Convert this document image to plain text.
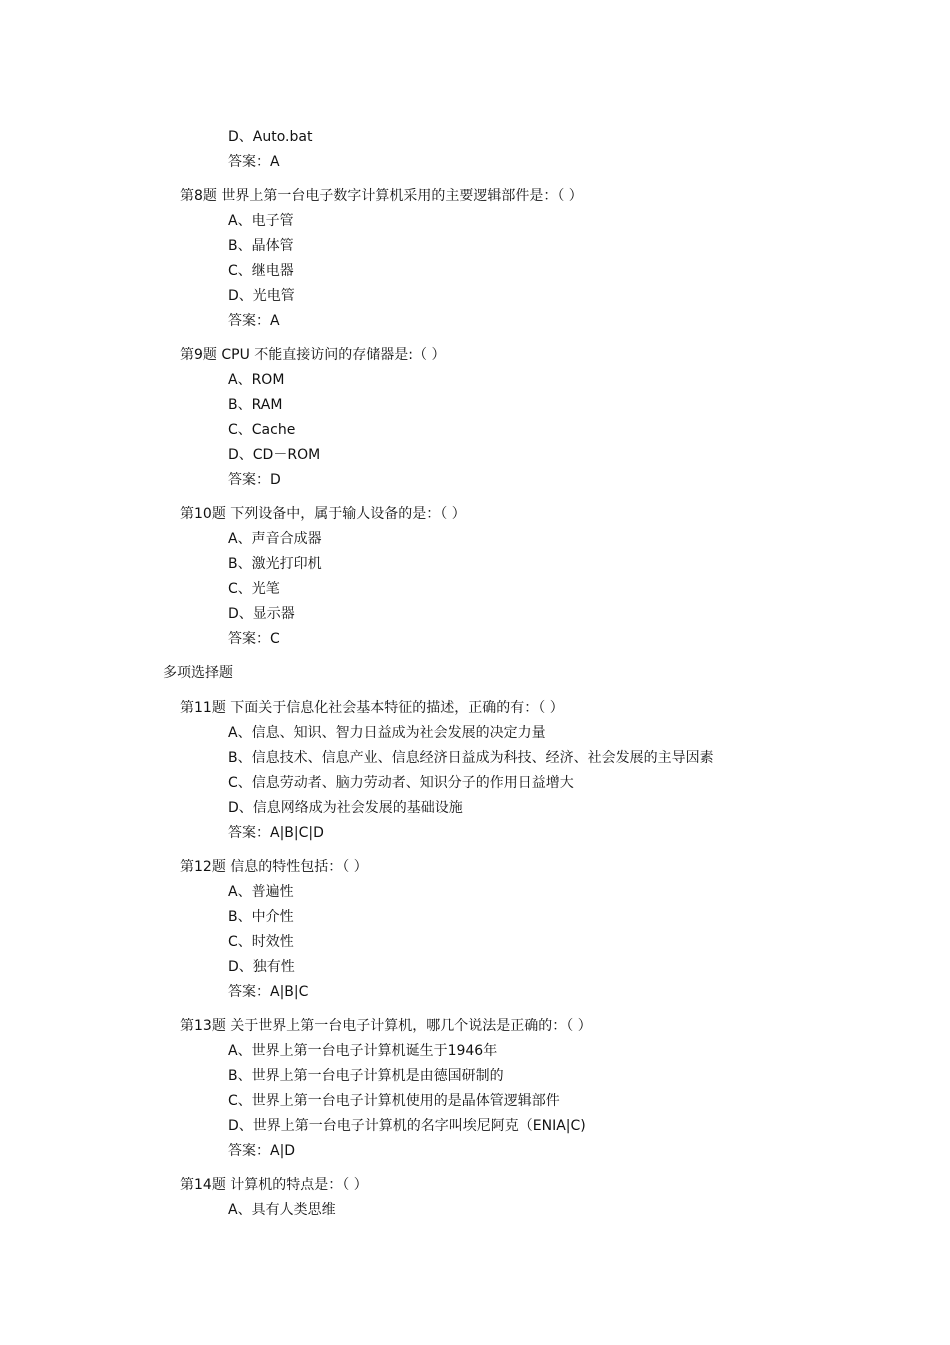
D、Auto.bat
答案：A
第8题 世界上第一台电子数字计算机采用的主要逻辑部件是：（ ）
A、电子管
B、晶体管
C、继电器
D、光电管
答案：A
第9题 CPU 不能直接访问的存储器是:（ ）
A、ROM
B、RAM
C、Cache
D、CD－ROM
答案：D
第10题 下列设备中，属于输人设备的是：（ ）
A、声音合成器
B、激光打印机
C、光笔
D、显示器
答案：C
多项选择题
第11题 下面关于信息化社会基本特征的描述，正确的有：（ ）
A、信息、知识、智力日益成为社会发展的决定力量
B、信息技术、信息产业、信息经济日益成为科技、经济、社会发展的主导因素
C、信息劳动者、脑力劳动者、知识分子的作用日益增大
D、信息网络成为社会发展的基础设施
答案：A|B|C|D
第12题 信息的特性包括：（ ）
A、普遍性
B、中介性
C、时效性
D、独有性
答案：A|B|C
第13题 关于世界上第一台电子计算机，哪几个说法是正确的：（ ）
A、世界上第一台电子计算机诞生于1946年
B、世界上第一台电子计算机是由德国研制的
C、世界上第一台电子计算机使用的是晶体管逻辑部件
D、世界上第一台电子计算机的名字叫埃尼阿克（ENIA|C)
答案：A|D
第14题 计算机的特点是：（ ）
A、具有人类思维
